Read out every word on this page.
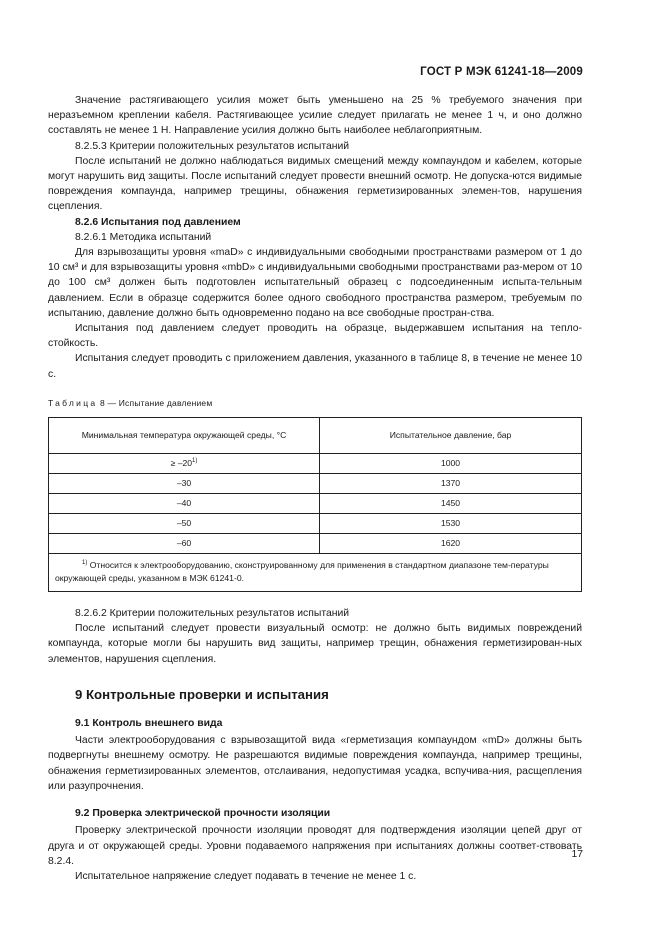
ГОСТ Р МЭК 61241-18—2009

Значение растягивающего усилия может быть уменьшено на 25 % требуемого значения при неразъемном креплении кабеля. Растягивающее усилие следует прилагать не менее 1 ч, и оно должно составлять не менее 1 Н. Направление усилия должно быть наиболее неблагоприятным.

8.2.5.3 Критерии положительных результатов испытаний

После испытаний не должно наблюдаться видимых смещений между компаундом и кабелем, которые могут нарушить вид защиты. После испытаний следует провести внешний осмотр. Не допуска-ются видимые повреждения компаунда, например трещины, обнажения герметизированных элемен-тов, нарушения сцепления.

8.2.6 Испытания под давлением

8.2.6.1 Методика испытаний

Для взрывозащиты уровня «maD» с индивидуальными свободными пространствами размером от 1 до 10 см³ и для взрывозащиты уровня «mbD» с индивидуальными свободными пространствами раз-мером от 10 до 100 см³ должен быть подготовлен испытательный образец с подсоединенным испыта-тельным давлением. Если в образце содержится более одного свободного пространства размером, требуемым по испытанию, давление должно быть одновременно подано на все свободные простран-ства.

Испытания под давлением следует проводить на образце, выдержавшем испытания на тепло-стойкость.

Испытания следует проводить с приложением давления, указанного в таблице 8, в течение не менее 10 с.

Таблица 8 — Испытание давлением
Минимальная температура окружающей среды, °С	Испытательное давление, бар
≥ $-20^{1)}$	1000
–30	1370
–40	1450
–50	1530
–60	1620
$^{1)}$ Относится к электрооборудованию, сконструированному для применения в стандартном диапазоне тем-пературы окружающей среды, указанном в МЭК 61241-0.	

8.2.6.2 Критерии положительных результатов испытаний

После испытаний следует провести визуальный осмотр: не должно быть видимых повреждений компаунда, которые могли бы нарушить вид защиты, например трещин, обнажения герметизирован-ных элементов, нарушения сцепления.

9 Контрольные проверки и испытания

9.1 Контроль внешнего вида

Части электрооборудования с взрывозащитой вида «герметизация компаундом «mD» должны быть подвергнуты внешнему осмотру. Не разрешаются видимые повреждения компаунда, например трещины, обнажения герметизированных элементов, отслаивания, недопустимая усадка, вспучива-ния, расщепления или разупрочнения.

9.2 Проверка электрической прочности изоляции

Проверку электрической прочности изоляции проводят для подтверждения изоляции цепей друг от друга и от окружающей среды. Уровни подаваемого напряжения при испытаниях должны соответ-ствовать 8.2.4.

Испытательное напряжение следует подавать в течение не менее 1 с.

17
